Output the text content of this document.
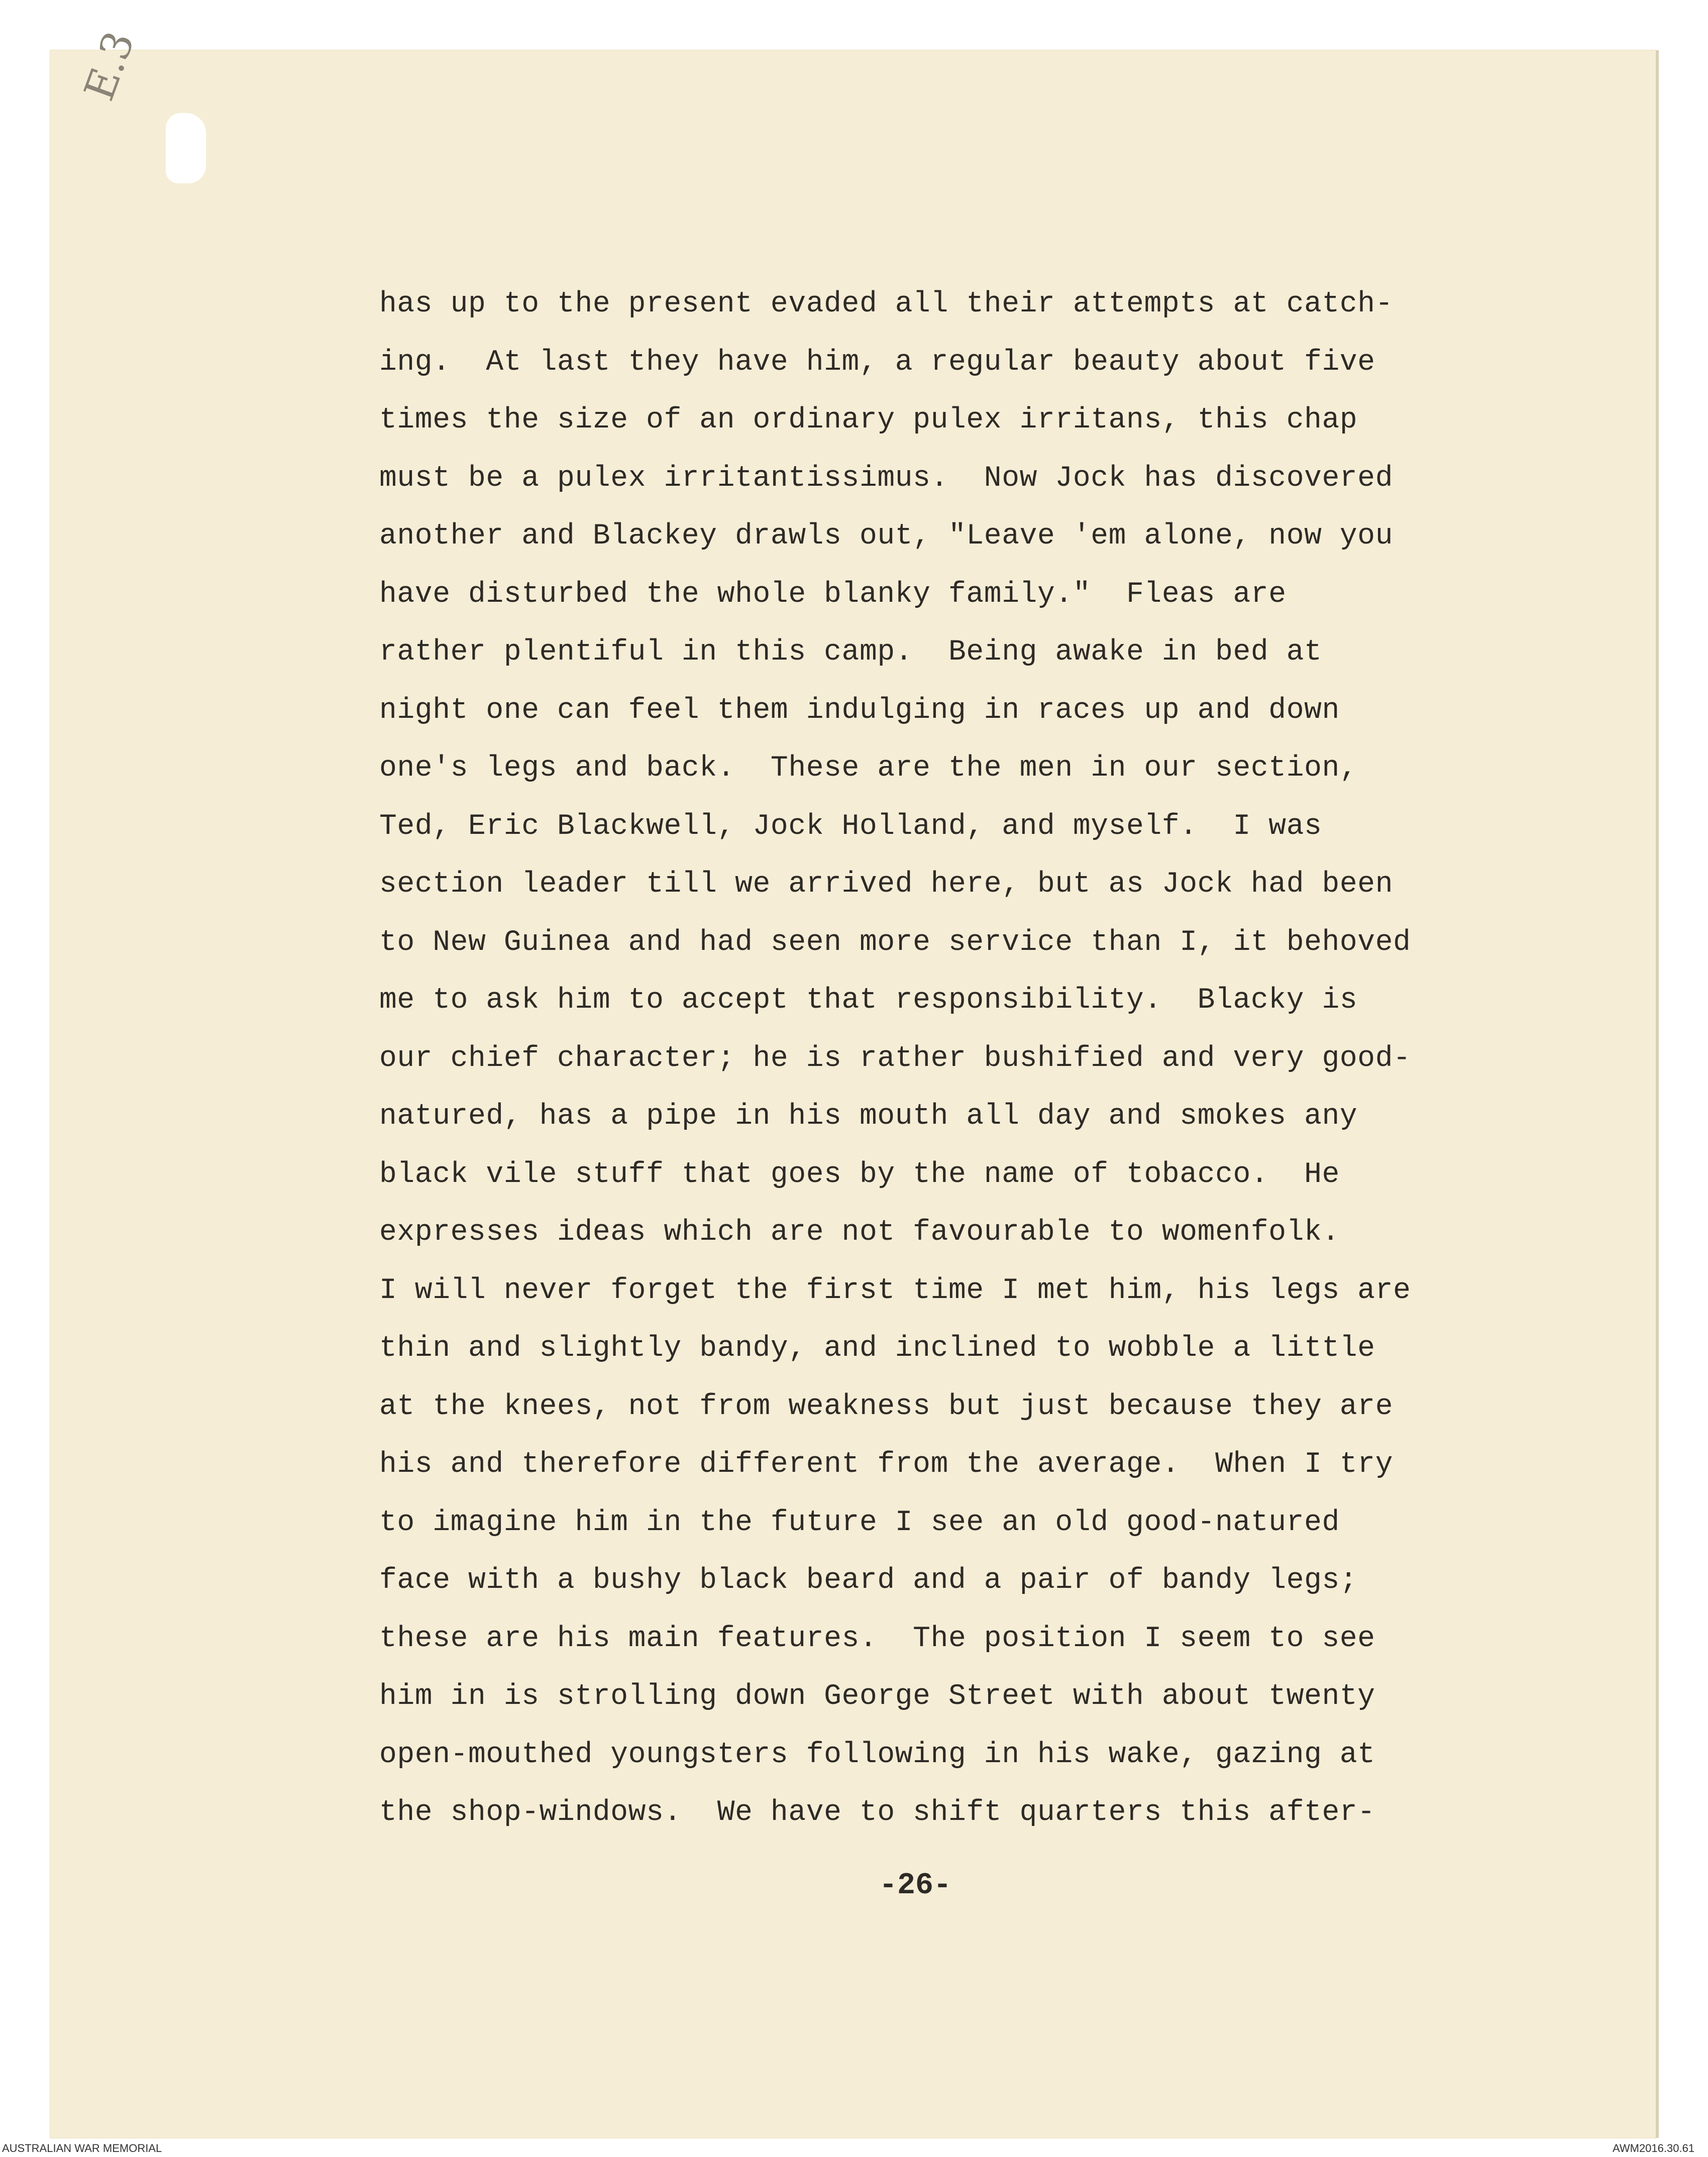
E.3
has up to the present evaded all their attempts at catch-
ing.  At last they have him, a regular beauty about five
times the size of an ordinary pulex irritans, this chap
must be a pulex irritantissimus.  Now Jock has discovered
another and Blackey drawls out, "Leave 'em alone, now you
have disturbed the whole blanky family."  Fleas are
rather plentiful in this camp.  Being awake in bed at
night one can feel them indulging in races up and down
one's legs and back.  These are the men in our section,
Ted, Eric Blackwell, Jock Holland, and myself.  I was
section leader till we arrived here, but as Jock had been
to New Guinea and had seen more service than I, it behoved
me to ask him to accept that responsibility.  Blacky is
our chief character; he is rather bushified and very good-
natured, has a pipe in his mouth all day and smokes any
black vile stuff that goes by the name of tobacco.  He
expresses ideas which are not favourable to womenfolk.
I will never forget the first time I met him, his legs are
thin and slightly bandy, and inclined to wobble a little
at the knees, not from weakness but just because they are
his and therefore different from the average.  When I try
to imagine him in the future I see an old good-natured
face with a bushy black beard and a pair of bandy legs;
these are his main features.  The position I seem to see
him in is strolling down George Street with about twenty
open-mouthed youngsters following in his wake, gazing at
the shop-windows.  We have to shift quarters this after-
-26-
AUSTRALIAN WAR MEMORIAL	AWM2016.30.61
